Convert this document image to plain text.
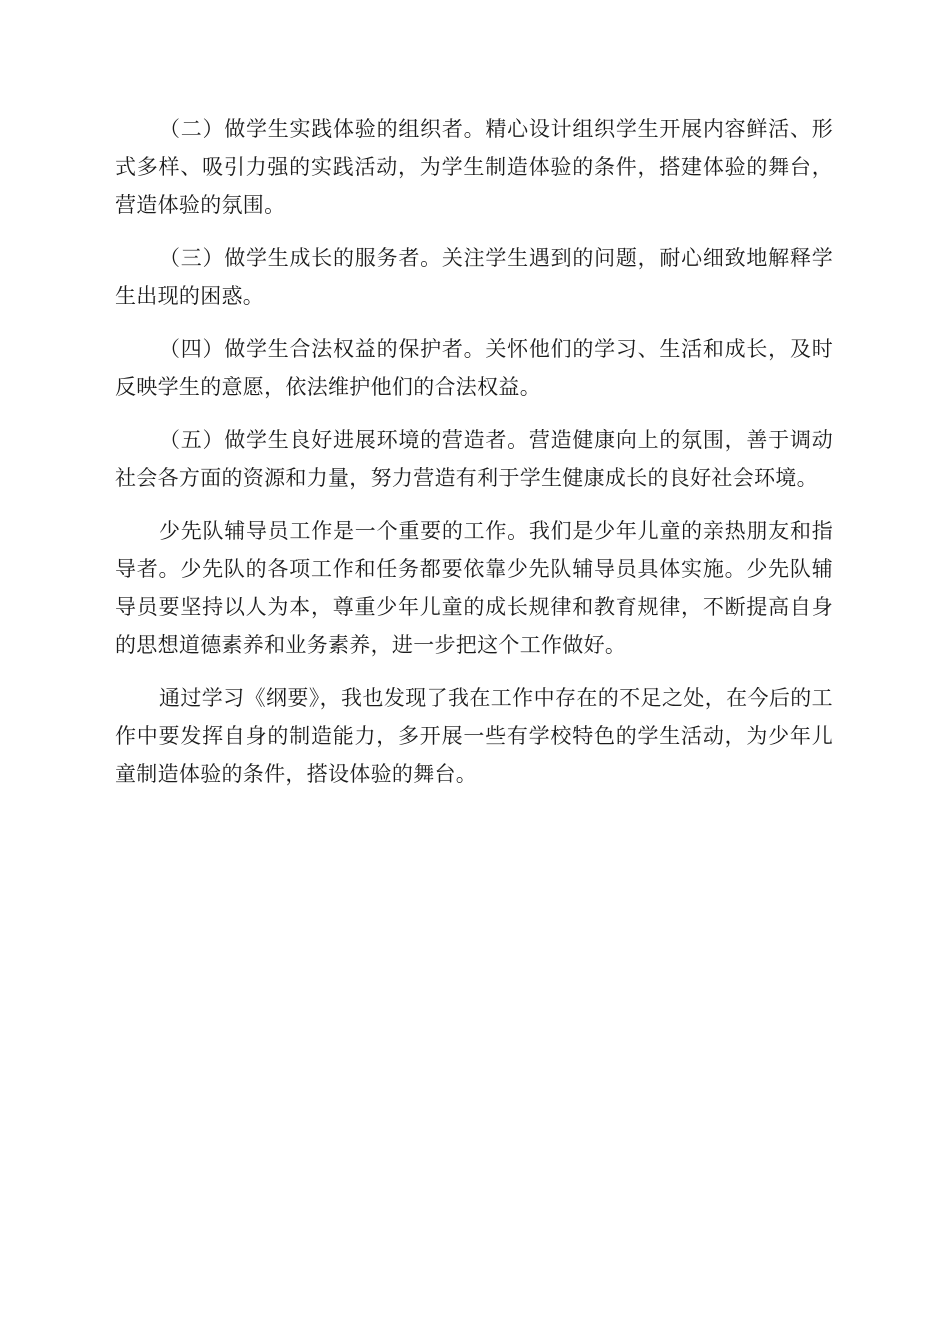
（二）做学生实践体验的组织者。精心设计组织学生开展内容鲜活、形式多样、吸引力强的实践活动，为学生制造体验的条件，搭建体验的舞台，营造体验的氛围。

（三）做学生成长的服务者。关注学生遇到的问题，耐心细致地解释学生出现的困惑。

（四）做学生合法权益的保护者。关怀他们的学习、生活和成长，及时反映学生的意愿，依法维护他们的合法权益。

（五）做学生良好进展环境的营造者。营造健康向上的氛围，善于调动社会各方面的资源和力量，努力营造有利于学生健康成长的良好社会环境。

少先队辅导员工作是一个重要的工作。我们是少年儿童的亲热朋友和指导者。少先队的各项工作和任务都要依靠少先队辅导员具体实施。少先队辅导员要坚持以人为本，尊重少年儿童的成长规律和教育规律，不断提高自身的思想道德素养和业务素养，进一步把这个工作做好。

通过学习《纲要》，我也发现了我在工作中存在的不足之处，在今后的工作中要发挥自身的制造能力，多开展一些有学校特色的学生活动，为少年儿童制造体验的条件，搭设体验的舞台。
